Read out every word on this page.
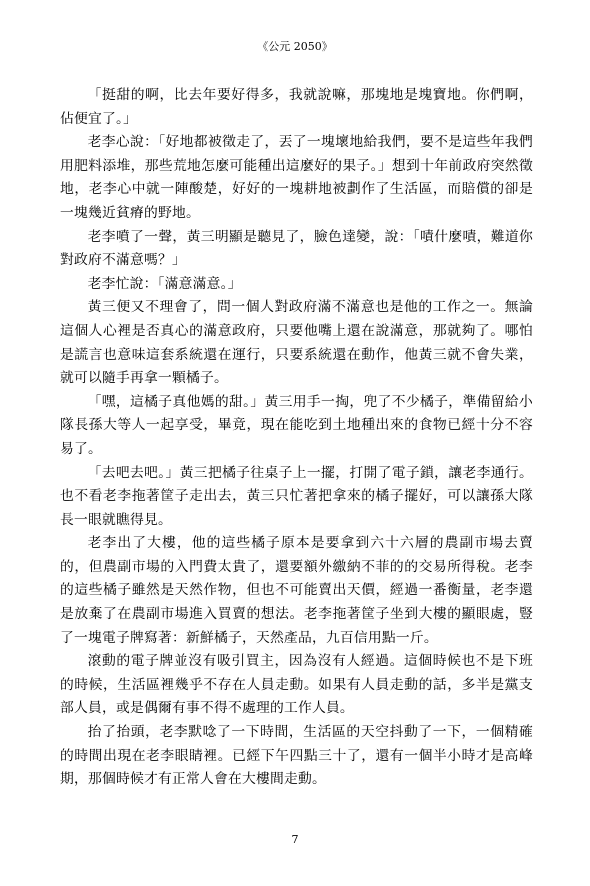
《公元 2050》

「挺甜的啊，比去年要好得多，我就說嘛，那塊地是塊寶地。你們啊，佔便宜了。」

老李心說：「好地都被徵走了，丟了一塊壞地給我們，要不是這些年我們用肥料添堆，那些荒地怎麼可能種出這麼好的果子。」想到十年前政府突然徵地，老李心中就一陣酸楚，好好的一塊耕地被劃作了生活區，而賠償的卻是一塊幾近貧瘠的野地。

老李噴了一聲，黃三明顯是聽見了，臉色達變，說：「嘖什麼嘖，難道你對政府不滿意嗎？」

老李忙說：「滿意滿意。」

黃三便又不理會了，問一個人對政府滿不滿意也是他的工作之一。無論這個人心裡是否真心的滿意政府，只要他嘴上還在說滿意，那就夠了。哪怕是謊言也意味這套系統還在運行，只要系統還在動作，他黃三就不會失業，就可以隨手再拿一顆橘子。

「嘿，這橘子真他媽的甜。」黃三用手一掏，兜了不少橘子，準備留給小隊長孫大等人一起享受，畢竟，現在能吃到土地種出來的食物已經十分不容易了。

「去吧去吧。」黃三把橘子往桌子上一擺，打開了電子鎖，讓老李通行。也不看老李拖著筐子走出去，黃三只忙著把拿來的橘子擺好，可以讓孫大隊長一眼就瞧得見。

老李出了大樓，他的這些橘子原本是要拿到六十六層的農副市場去賣的，但農副市場的入門費太貴了，還要額外繳納不菲的的交易所得稅。老李的這些橘子雖然是天然作物，但也不可能賣出天價，經過一番衡量，老李還是放棄了在農副市場進入買賣的想法。老李拖著筐子坐到大樓的顯眼處，豎了一塊電子牌寫著：新鮮橘子，天然產品，九百信用點一斤。

滾動的電子牌並沒有吸引買主，因為沒有人經過。這個時候也不是下班的時候，生活區裡幾乎不存在人員走動。如果有人員走動的話，多半是黨支部人員，或是偶爾有事不得不處理的工作人員。

抬了抬頭，老李默唸了一下時間，生活區的天空抖動了一下，一個精確的時間出現在老李眼睛裡。已經下午四點三十了，還有一個半小時才是高峰期，那個時候才有正常人會在大樓間走動。

7
